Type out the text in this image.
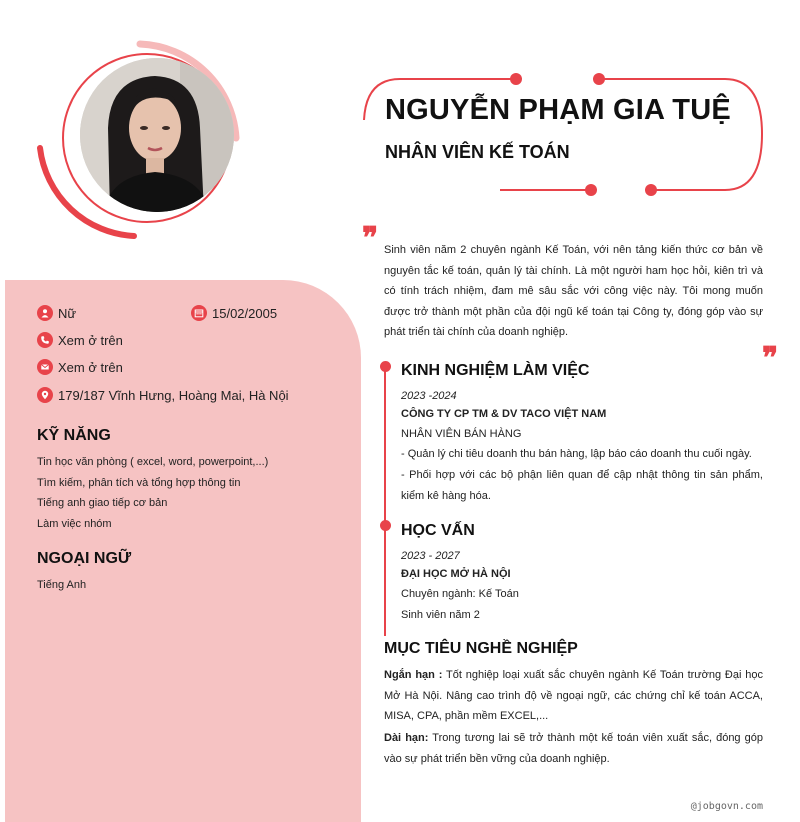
NGUYỄN PHẠM GIA TUỆ
NHÂN VIÊN KẾ TOÁN
❞ Sinh viên năm 2 chuyên ngành Kế Toán, với nên tảng kiến thức cơ bản về nguyên tắc kế toán, quản lý tài chính. Là một người ham học hỏi, kiên trì và có tính trách nhiệm, đam mê sâu sắc với công việc này. Tôi mong muốn được trở thành một phần của đội ngũ kế toán tại Công ty, đóng góp vào sự phát triển tài chính của doanh nghiệp.
❞
Nữ	15/02/2005
Xem ở trên
Xem ở trên
179/187 Vĩnh Hưng, Hoàng Mai, Hà Nội
KỸ NĂNG
Tin học văn phòng ( excel, word, powerpoint,...)
Tìm kiếm, phân tích và tổng hợp thông tin
Tiếng anh giao tiếp cơ bản
Làm việc nhóm
NGOẠI NGỮ
Tiếng Anh
KINH NGHIỆM LÀM VIỆC
2023 -2024
CÔNG TY CP TM & DV TACO VIỆT NAM
NHÂN VIÊN BÁN HÀNG
- Quản lý chi tiêu doanh thu bán hàng, lập báo cáo doanh thu cuối ngày.
- Phối hợp với các bộ phận liên quan để cập nhật thông tin sản phẩm, kiểm kê hàng hóa.
HỌC VẤN
2023 - 2027
ĐẠI HỌC MỞ HÀ NỘI
Chuyên ngành: Kế Toán
Sinh viên năm 2
MỤC TIÊU NGHỀ NGHIỆP
Ngắn hạn : Tốt nghiệp loại xuất sắc chuyên ngành Kế Toán trường Đại học Mở Hà Nội. Nâng cao trình độ về ngoại ngữ, các chứng chỉ kế toán ACCA, MISA, CPA, phần mềm EXCEL,...
Dài hạn: Trong tương lai sẽ trở thành một kế toán viên xuất sắc, đóng góp vào sự phát triển bền vững của doanh nghiệp.
@jobgovn.com
